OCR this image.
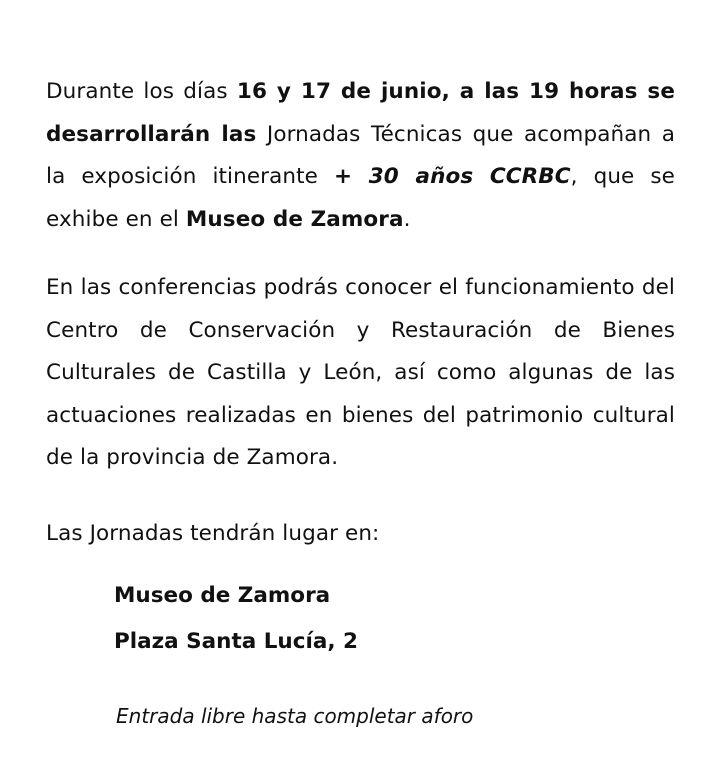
Durante los días 16 y 17 de junio, a las 19 horas se desarrollarán las Jornadas Técnicas que acompañan a la exposición itinerante + 30 años CCRBC, que se exhibe en el Museo de Zamora.

En las conferencias podrás conocer el funcionamiento del Centro de Conservación y Restauración de Bienes Culturales de Castilla y León, así como algunas de las actuaciones realizadas en bienes del patrimonio cultural de la provincia de Zamora.

Las Jornadas tendrán lugar en:

Museo de Zamora
Plaza Santa Lucía, 2

Entrada libre hasta completar aforo
